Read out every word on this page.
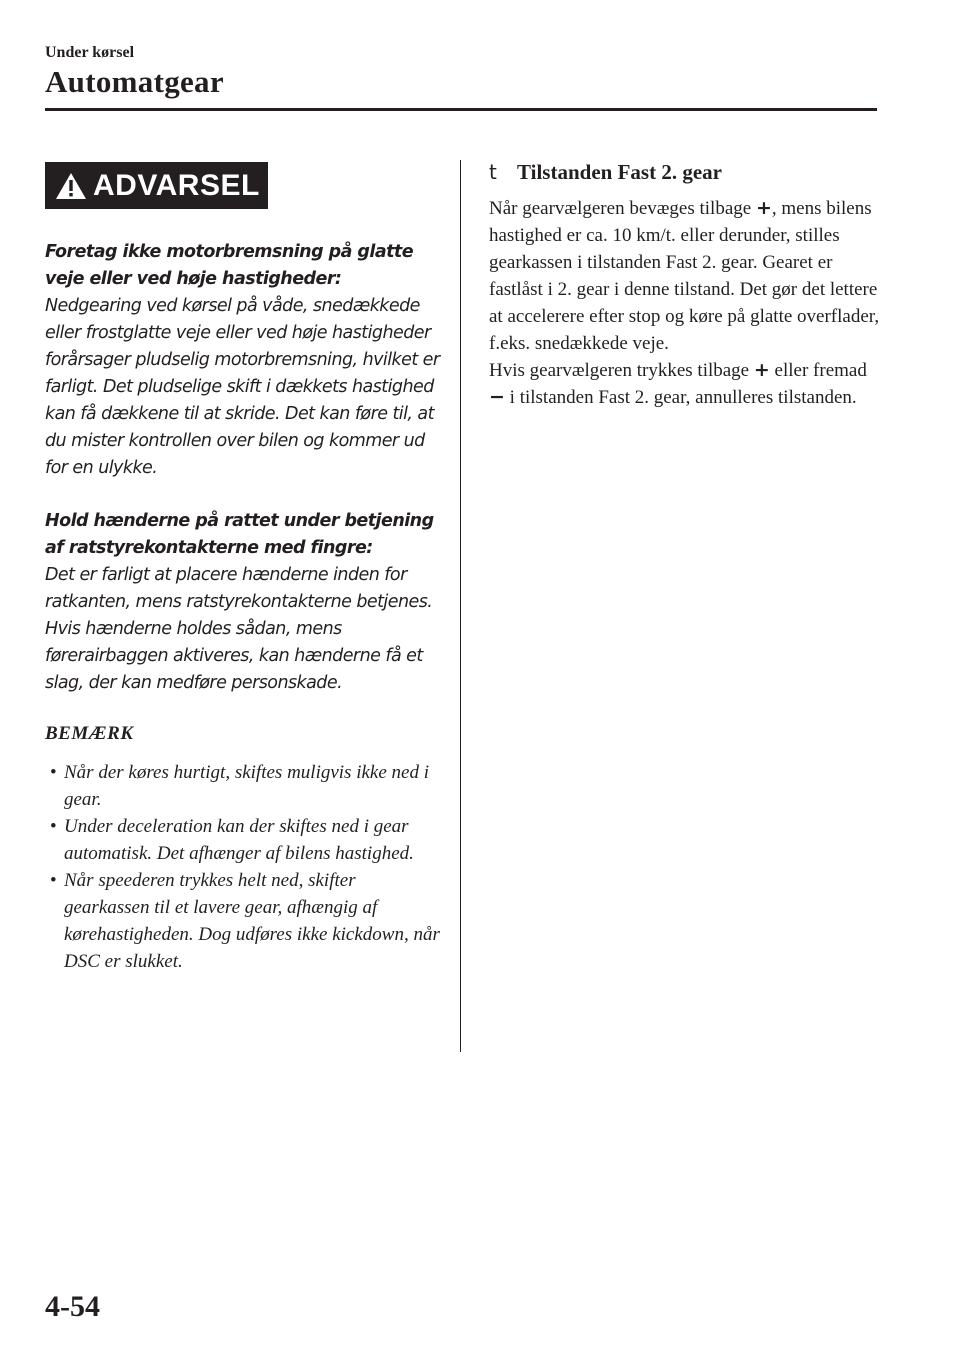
Under kørsel
Automatgear
ADVARSEL
Foretag ikke motorbremsning på glatte veje eller ved høje hastigheder:
Nedgearing ved kørsel på våde, snedækkede eller frostglatte veje eller ved høje hastigheder forårsager pludselig motorbremsning, hvilket er farligt. Det pludselige skift i dækkets hastighed kan få dækkene til at skride. Det kan føre til, at du mister kontrollen over bilen og kommer ud for en ulykke.
Hold hænderne på rattet under betjening af ratstyrekontakterne med fingre:
Det er farligt at placere hænderne inden for ratkanten, mens ratstyrekontakterne betjenes. Hvis hænderne holdes sådan, mens førerairbaggen aktiveres, kan hænderne få et slag, der kan medføre personskade.
BEMÆRK
• Når der køres hurtigt, skiftes muligvis ikke ned i gear.
• Under deceleration kan der skiftes ned i gear automatisk. Det afhænger af bilens hastighed.
• Når speederen trykkes helt ned, skifter gearkassen til et lavere gear, afhængig af kørehastigheden. Dog udføres ikke kickdown, når DSC er slukket.
t Tilstanden Fast 2. gear
Når gearvælgeren bevæges tilbage +, mens bilens hastighed er ca. 10 km/t. eller derunder, stilles gearkassen i tilstanden Fast 2. gear. Gearet er fastlåst i 2. gear i denne tilstand. Det gør det lettere at accelerere efter stop og køre på glatte overflader, f.eks. snedækkede veje.
Hvis gearvælgeren trykkes tilbage + eller fremad − i tilstanden Fast 2. gear, annulleres tilstanden.
4-54
